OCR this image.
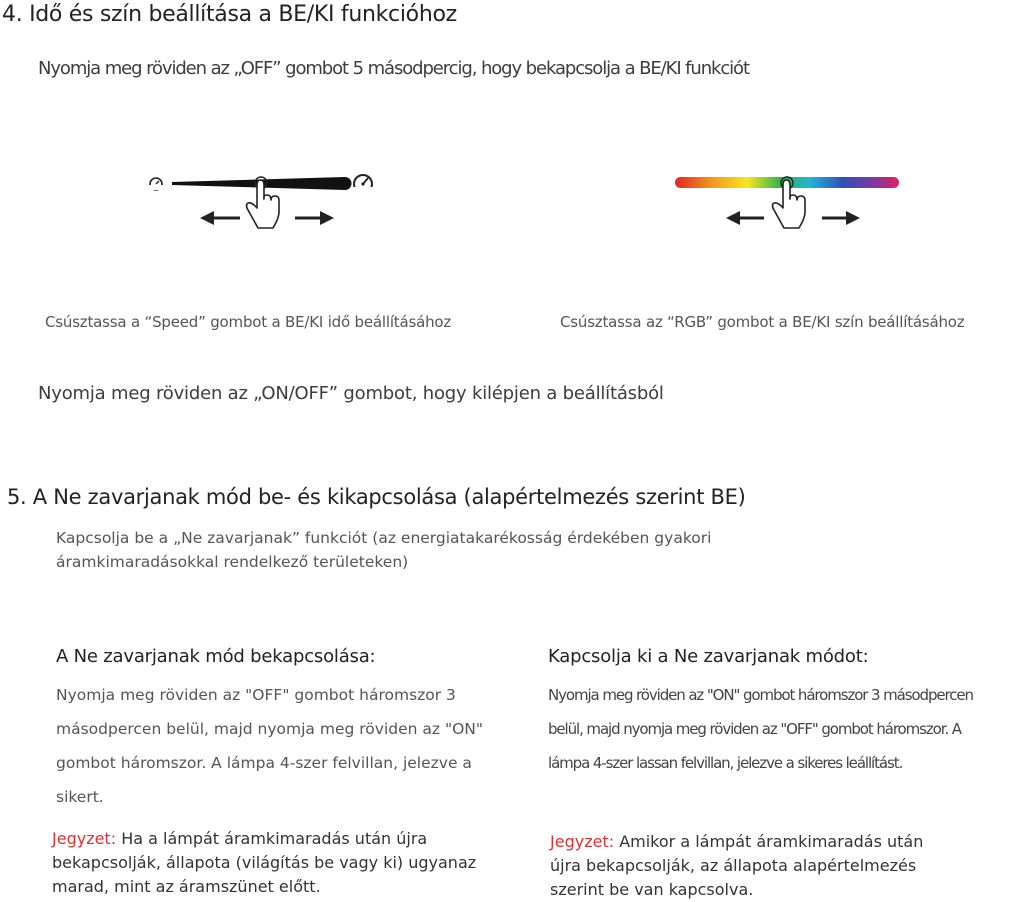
4. Idő és szín beállítása a BE/KI funkcióhoz
Nyomja meg röviden az „OFF” gombot 5 másodpercig, hogy bekapcsolja a BE/KI funkciót
Csúsztassa a “Speed” gombot a BE/KI idő beállításához	Csúsztassa az “RGB” gombot a BE/KI szín beállításához
Nyomja meg röviden az „ON/OFF” gombot, hogy kilépjen a beállításból
5. A Ne zavarjanak mód be- és kikapcsolása (alapértelmezés szerint BE)
Kapcsolja be a „Ne zavarjanak” funkciót (az energiatakarékosság érdekében gyakori áramkimaradásokkal rendelkező területeken)
A Ne zavarjanak mód bekapcsolása:
Nyomja meg röviden az "OFF" gombot háromszor 3 másodpercen belül, majd nyomja meg röviden az "ON" gombot háromszor. A lámpa 4-szer felvillan, jelezve a sikert.
Kapcsolja ki a Ne zavarjanak módot:
Nyomja meg röviden az "ON" gombot háromszor 3 másodpercen belül, majd nyomja meg röviden az "OFF" gombot háromszor. A lámpa 4-szer lassan felvillan, jelezve a sikeres leállítást.
Jegyzet: Ha a lámpát áramkimaradás után újra bekapcsolják, állapota (világítás be vagy ki) ugyanaz marad, mint az áramszünet előtt.
Jegyzet: Amikor a lámpát áramkimaradás után újra bekapcsolják, az állapota alapértelmezés szerint be van kapcsolva.
